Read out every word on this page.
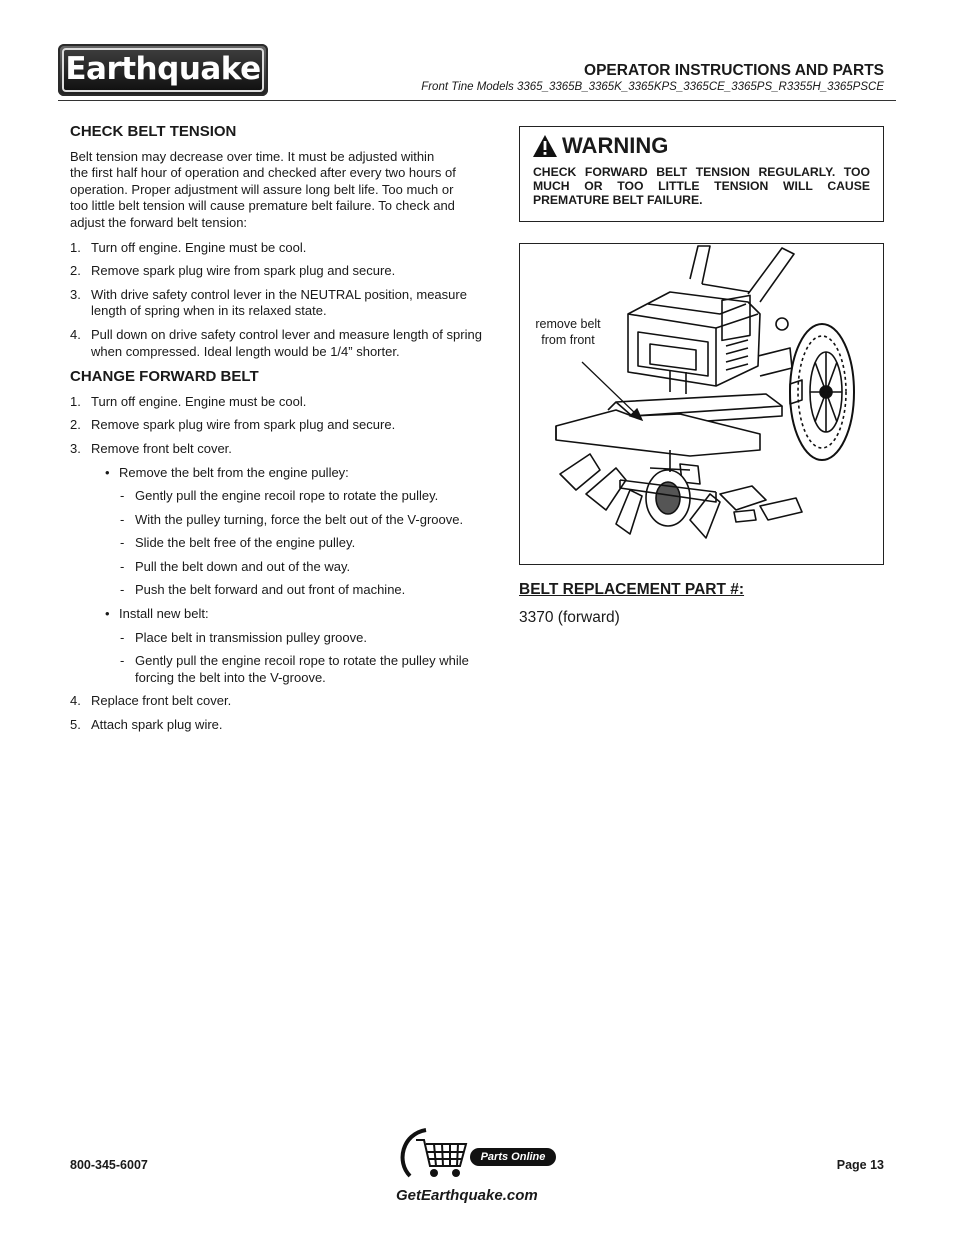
Earthquake	OPERATOR INSTRUCTIONS AND PARTS
Front Tine Models 3365_3365B_3365K_3365KPS_3365CE_3365PS_R3355H_3365PSCE
CHECK BELT TENSION

Belt tension may decrease over time. It must be adjusted within
the first half hour of operation and checked after every two hours of
operation. Proper adjustment will assure long belt life. Too much or
too little belt tension will cause premature belt failure. To check and
adjust the forward belt tension:

1. Turn off engine. Engine must be cool.
2. Remove spark plug wire from spark plug and secure.
3. With drive safety control lever in the NEUTRAL position, measure length of spring when in its relaxed state.
4. Pull down on drive safety control lever and measure length of spring when compressed. Ideal length would be 1/4” shorter.
CHANGE FORWARD BELT
1. Turn off engine. Engine must be cool.
2. Remove spark plug wire from spark plug and secure.
3. Remove front belt cover.
• Remove the belt from the engine pulley:
- Gently pull the engine recoil rope to rotate the pulley.
- With the pulley turning, force the belt out of the V-groove.
- Slide the belt free of the engine pulley.
- Pull the belt down and out of the way.
- Push the belt forward and out front of machine.
• Install new belt:
- Place belt in transmission pulley groove.
- Gently pull the engine recoil rope to rotate the pulley while forcing the belt into the V-groove.
4. Replace front belt cover.
5. Attach spark plug wire.
WARNING
CHECK FORWARD BELT TENSION REGULARLY. TOO MUCH OR TOO LITTLE TENSION WILL CAUSE PREMATURE BELT FAILURE.
remove belt from front
BELT REPLACEMENT PART #:
3370 (forward)
800-345-6007
Parts Online
GetEarthquake.com
Page 13
